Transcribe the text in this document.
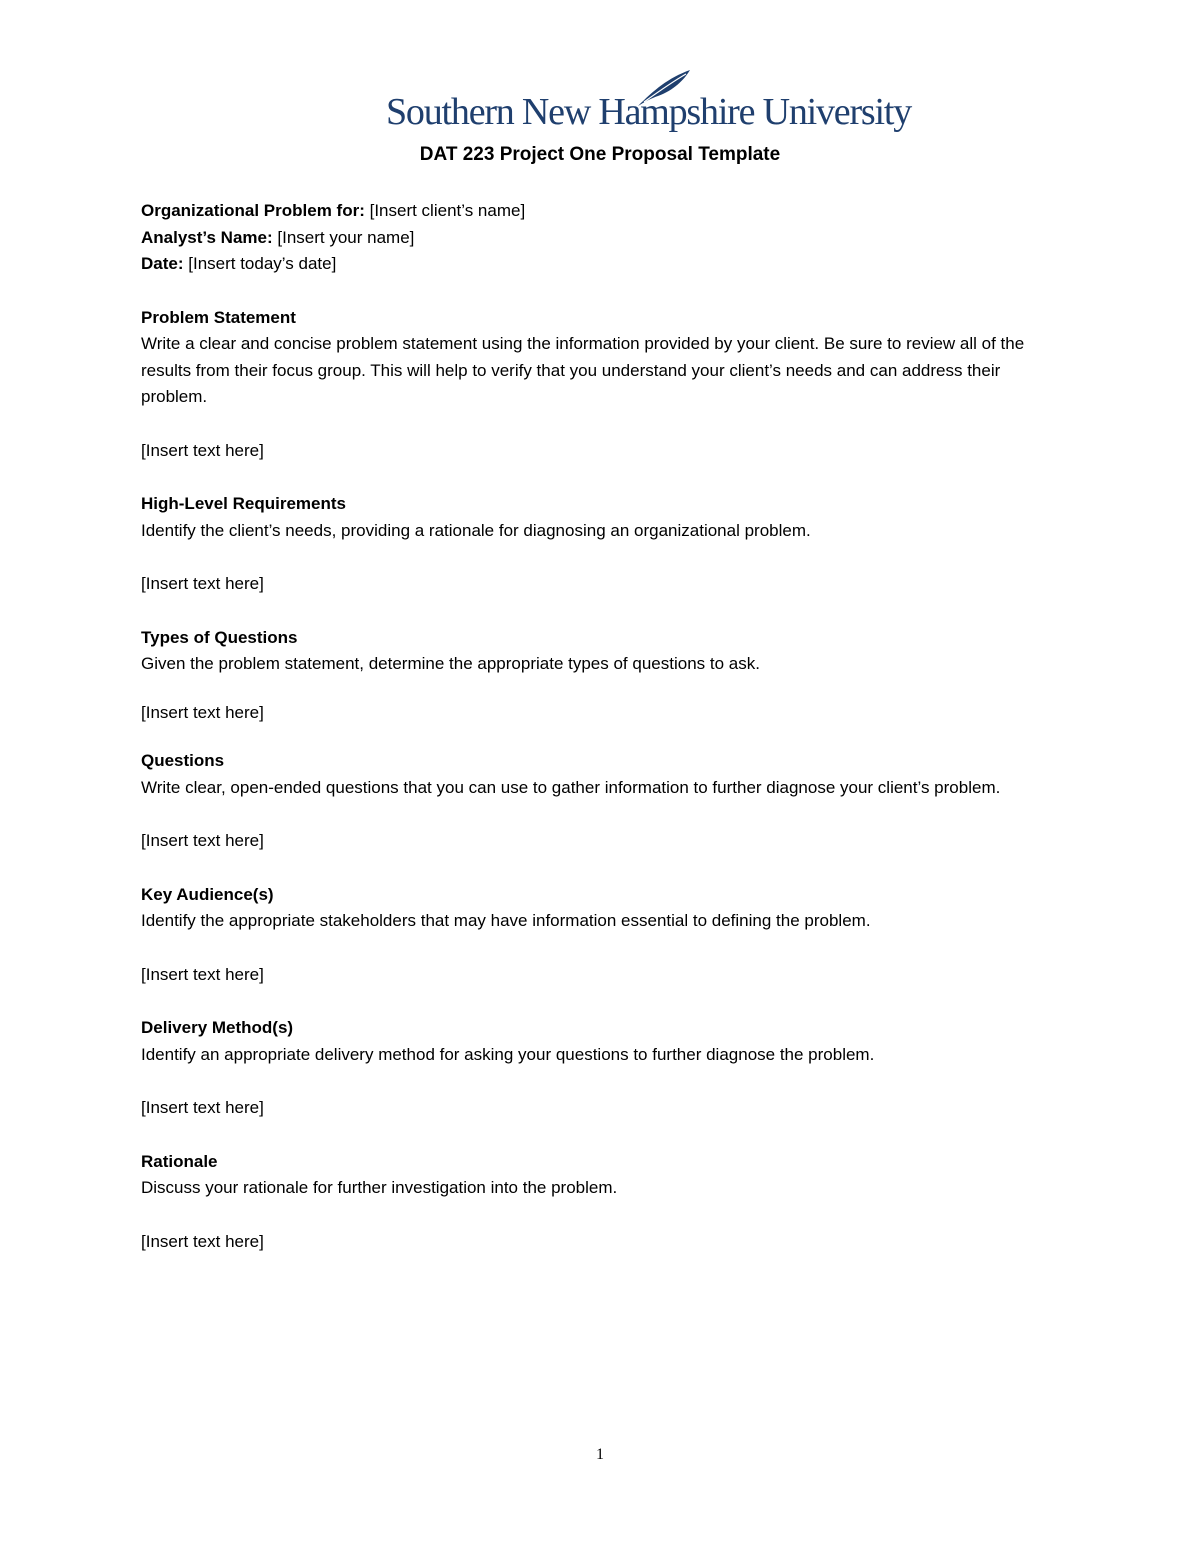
Southern New Hampshire University
DAT 223 Project One Proposal Template

Organizational Problem for: [Insert client’s name]

Analyst’s Name: [Insert your name]

Date: [Insert today’s date]

Problem Statement

Write a clear and concise problem statement using the information provided by your client. Be sure to review all of the results from their focus group. This will help to verify that you understand your client’s needs and can address their problem.

[Insert text here]

High-Level Requirements

Identify the client’s needs, providing a rationale for diagnosing an organizational problem.

[Insert text here]

Types of Questions

Given the problem statement, determine the appropriate types of questions to ask.

[Insert text here]

Questions

Write clear, open-ended questions that you can use to gather information to further diagnose your client’s problem.

[Insert text here]

Key Audience(s)

Identify the appropriate stakeholders that may have information essential to defining the problem.

[Insert text here]

Delivery Method(s)

Identify an appropriate delivery method for asking your questions to further diagnose the problem.

[Insert text here]

Rationale

Discuss your rationale for further investigation into the problem.

[Insert text here]

1
